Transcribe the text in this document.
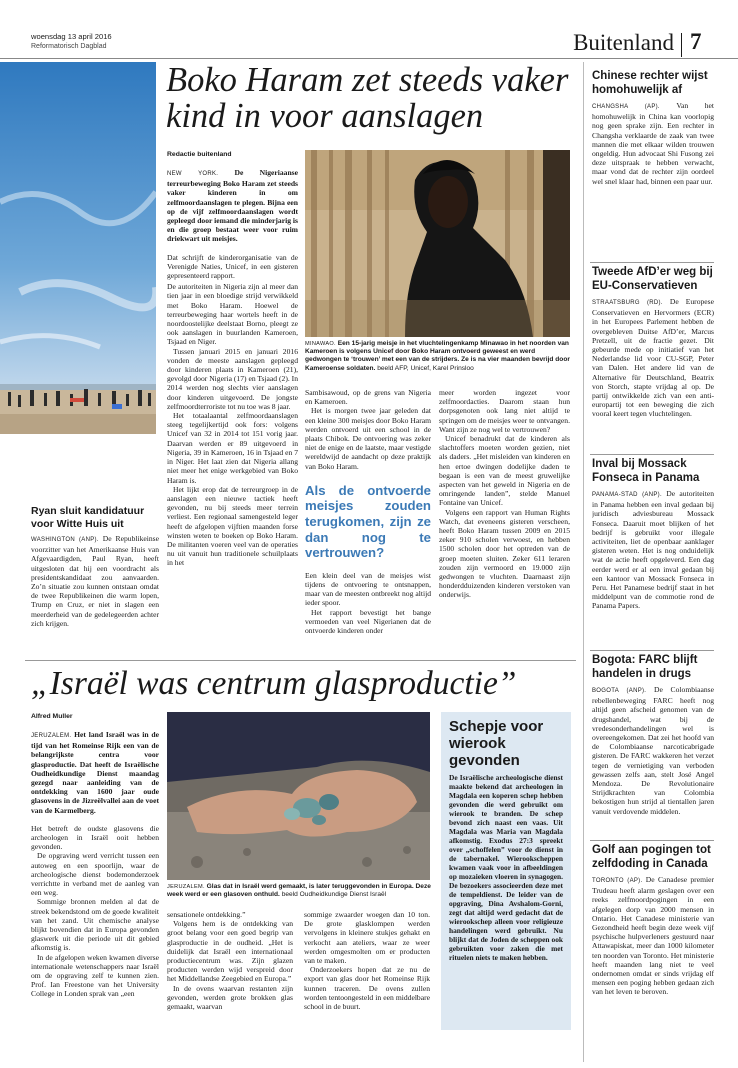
woensdag 13 april 2016
Reformatorisch Dagblad	Buitenland 7
Ryan sluit kandidatuur voor Witte Huis uit
WASHINGTON (ANP). De Republikeinse voorzitter van het Amerikaanse Huis van Afgevaardigden, Paul Ryan, heeft uitgesloten dat hij een voordracht als presidentskandidaat zou aanvaarden. Zo’n situatie zou kunnen ontstaan omdat de twee Republikeinen die warm lopen, Trump en Cruz, er niet in slagen een meerderheid van de gedelegeerden achter zich krijgen.
Boko Haram zet steeds vaker
kind in voor aanslagen
Redactie buitenland

NEW YORK. De Nigeriaanse terreurbeweging Boko Haram zet steeds vaker kinderen in om zelfmoordaanslagen te plegen. Bijna een op de vijf zelfmoordaanslagen wordt gepleegd door iemand die minderjarig is en die groep bestaat weer voor ruim driekwart uit meisjes.

Dat schrijft de kinderorganisatie van de Verenigde Naties, Unicef, in een gisteren gepresenteerd rapport.

De autoriteiten in Nigeria zijn al meer dan tien jaar in een bloedige strijd verwikkeld met Boko Haram. Hoewel de terreurbeweging haar wortels heeft in de noordoostelijke deelstaat Borno, pleegt ze ook aanslagen in buurlanden Kameroen, Tsjaad en Niger.

Tussen januari 2015 en januari 2016 vonden de meeste aanslagen gepleegd door kinderen plaats in Kameroen (21), gevolgd door Nigeria (17) en Tsjaad (2). In 2014 werden nog slechts vier aanslagen door kinderen uitgevoerd. De jongste zelfmoordterroriste tot nu toe was 8 jaar.

Het totaalaantal zelfmoordaanslagen steeg tegelijkertijd ook fors: volgens Unicef van 32 in 2014 tot 151 vorig jaar. Daarvan werden er 89 uitgevoerd in Nigeria, 39 in Kameroen, 16 in Tsjaad en 7 in Niger. Het laat zien dat Nigeria allang niet meer het enige werkgebied van Boko Haram is.

Het lijkt erop dat de terreurgroep in de aanslagen een nieuwe tactiek heeft gevonden, nu bij steeds meer terrein verliest. Een regionaal samengesteld leger heeft de afgelopen vijftien maanden forse winsten weten te boeken op Boko Haram. De militanten voeren veel van de operaties nu uit vanuit hun traditionele schuilplaats in het

MINAWAO. Een 15-jarig meisje in het vluchtelingenkamp Minawao in het noorden van Kameroen is volgens Unicef door Boko Haram ontvoerd geweest en werd gedwongen te ‘trouwen’ met een van de strijders. Ze is na vier maanden bevrijd door Kameroense soldaten. beeld AFP, Unicef, Karel Prinsloo

Sambisawoud, op de grens van Nigeria en Kameroen.

Het is morgen twee jaar geleden dat een kleine 300 meisjes door Boko Haram werden ontvoerd uit een school in de plaats Chibok. De ontvoering was zeker niet de enige en de laatste, maar vestigde wereldwijd de aandacht op deze praktijk van Boko Haram.

Als de ontvoerde meisjes zouden terugkomen, zijn ze dan nog te vertrouwen?

Een klein deel van de meisjes wist tijdens de ontvoering te ontsnappen, maar van de meesten ontbreekt nog altijd ieder spoor.

Het rapport bevestigt het bange vermoeden van veel Nigerianen dat de ontvoerde kinderen onder

meer worden ingezet voor zelfmoordacties. Daarom staan hun dorpsgenoten ook lang niet altijd te springen om de meisjes weer te ontvangen. Want zijn ze nog wel te vertrouwen?

Unicef benadrukt dat de kinderen als slachtoffers moeten worden gezien, niet als daders. „Het misleiden van kinderen en hen ertoe dwingen dodelijke daden te begaan is een van de meest gruwelijke aspecten van het geweld in Nigeria en de omringende landen”, stelde Manuel Fontaine van Unicef.

Volgens een rapport van Human Rights Watch, dat eveneens gisteren verscheen, heeft Boko Haram tussen 2009 en 2015 zeker 910 scholen verwoest, en hebben 1500 scholen door het optreden van de groep moeten sluiten. Zeker 611 leraren zouden zijn vermoord en 19.000 zijn gedwongen te vluchten. Daarnaast zijn honderdduizenden kinderen verstoken van onderwijs.

„Israël was centrum glasproductie”
Alfred Muller

JERUZALEM. Het land Israël was in de tijd van het Romeinse Rijk een van de belangrijkste centra voor glasproductie. Dat heeft de Israëlische Oudheidkundige Dienst maandag gezegd naar aanleiding van de ontdekking van 1600 jaar oude glasovens in de Jizreëlvallei aan de voet van de Karmelberg.

Het betreft de oudste glasovens die archeologen in Israël ooit hebben gevonden.

De opgraving werd verricht tussen een autoweg en een spoorlijn, waar de archeologische dienst bodemonderzoek verrichtte in verband met de aanleg van een weg.

Sommige bronnen melden al dat de streek bekendstond om de goede kwaliteit van het zand. Uit chemische analyse blijkt bovendien dat in Europa gevonden glaswerk uit die periode uit dit gebied afkomstig is.

In de afgelopen weken kwamen diverse internationale wetenschappers naar Israël om de opgraving zelf te kunnen zien. Prof. Ian Freestone van het University College in Londen sprak van „een

JERUZALEM. Glas dat in Israël werd gemaakt, is later teruggevonden in Europa. Deze week werd er een glasoven onthuld. beeld Oudheidkundige Dienst Israël

sensationele ontdekking.”

Volgens hem is de ontdekking van groot belang voor een goed begrip van glasproductie in de oudheid. „Het is duidelijk dat Israël een internationaal productiecentrum was. Zijn glazen producten werden wijd verspreid door het Middellandse Zeegebied en Europa.”

In de ovens waarvan restanten zijn gevonden, werden grote brokken glas gemaakt, waarvan

sommige zwaarder woegen dan 10 ton. De grote glasklompen werden vervolgens in kleinere stukjes gehakt en verkocht aan ateliers, waar ze weer werden omgesmolten om er producten van te maken.

Onderzoekers hopen dat ze nu de export van glas door het Romeinse Rijk kunnen traceren. De ovens zullen worden tentoongesteld in een middelbare school in de buurt.

Schepje voor wierook gevonden
De Israëlische archeologische dienst maakte bekend dat archeologen in Magdala een koperen schep hebben gevonden die werd gebruikt om wierook te branden. De schep bevond zich naast een vaas. Uit Magdala was Maria van Magdala afkomstig. Exodus 27:3 spreekt over „schoffelen” voor de dienst in de tabernakel. Wierookscheppen kwamen vaak voor in afbeeldingen op mozaieken vloeren in synagogen. De bezoekers associeerden deze met de tempeldienst. De leider van de opgraving, Dina Avshalom-Gorni, zegt dat altijd werd gedacht dat de wierookschep alleen voor religieuze handelingen werd gebruikt. Nu blijkt dat de Joden de scheppen ook gebruikten voor zaken die met rituelen niets te maken hebben.
Chinese rechter wijst homohuwelijk af
CHANGSHA (AP). Van het homohuwelijk in China kan voorlopig nog geen sprake zijn. Een rechter in Changsha verklaarde de zaak van twee mannen die met elkaar wilden trouwen ongeldig. Hun advocaat Shi Fusong zei deze uitspraak te hebben verwacht, maar vond dat de rechter zijn oordeel wel snel klaar had, binnen een paar uur.
Tweede AfD’er weg bij EU-Conservatieven
STRAATSBURG (RD). De Europese Conservatieven en Hervormers (ECR) in het Europees Parlement hebben de overgebleven Duitse AfD’er, Marcus Pretzell, uit de fractie gezet. Dit gebeurde mede op initiatief van het Nederlandse lid voor CU-SGP, Peter van Dalen. Het andere lid van de Alternative für Deutschland, Beatrix von Storch, stapte vrijdag al op. De partij ontwikkelde zich van een anti-europartij tot een beweging die zich vooral keert tegen vluchtelingen.
Inval bij Mossack Fonseca in Panama
PANAMA-STAD (ANP). De autoriteiten in Panama hebben een inval gedaan bij juridisch adviesbureau Mossack Fonseca. Daaruit moet blijken of het bedrijf is gebruikt voor illegale activiteiten, liet de openbaar aanklager gisteren weten. Het is nog onduidelijk wat de actie heeft opgeleverd. Een dag eerder werd er al een inval gedaan bij een kantoor van Mossack Fonseca in Peru. Het Panamese bedrijf staat in het middelpunt van de commotie rond de Panama Papers.
Bogota: FARC blijft handelen in drugs
BOGOTA (ANP). De Colombiaanse rebellenbeweging FARC heeft nog altijd geen afscheid genomen van de drugshandel, wat bij de vredesonderhandelingen wel is overeengekomen. Dat zei het hoofd van de Colombiaanse narcoticabrigade gisteren. De FARC wakkeren het verzet tegen de vernietiging van verboden gewassen zelfs aan, stelt José Angel Mendoza. De Revolutionaire Strijdkrachten van Colombia bekostigen hun strijd al tientallen jaren vanuit verdovende middelen.
Golf aan pogingen tot zelfdoding in Canada
TORONTO (AP). De Canadese premier Trudeau heeft alarm geslagen over een reeks zelfmoordpogingen in een afgelegen dorp van 2000 mensen in Ontario. Het Canadese ministerie van Gezondheid heeft begin deze week vijf psychische hulpverleners gestuurd naar Attawapiskat, meer dan 1000 kilometer ten noorden van Toronto. Het ministerie heeft maanden lang niet te veel ondernomen omdat er sinds vrijdag elf mensen een poging hebben gedaan zich van het leven te beroven.
